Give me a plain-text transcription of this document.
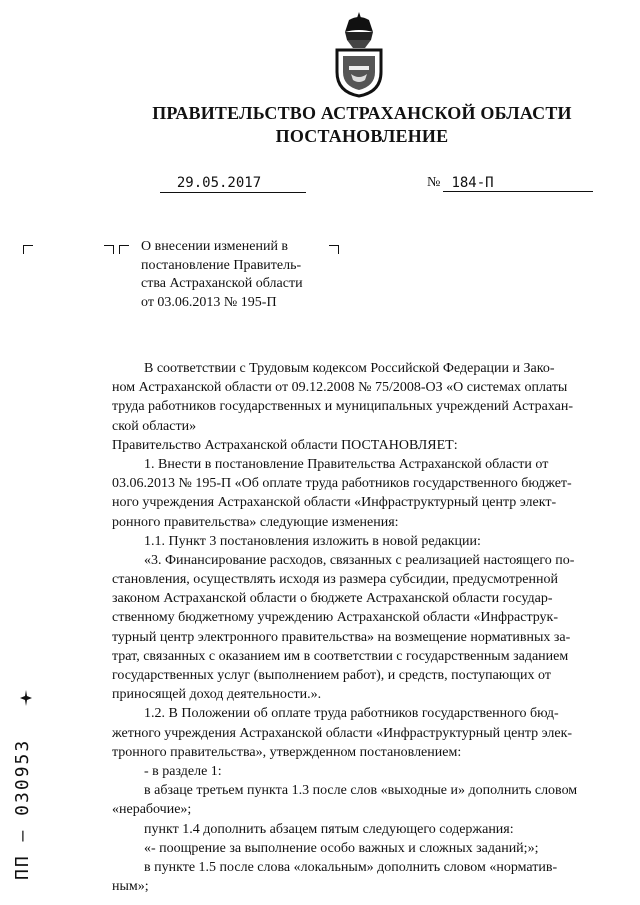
ПРАВИТЕЛЬСТВО АСТРАХАНСКОЙ ОБЛАСТИ
ПОСТАНОВЛЕНИЕ
29.05.2017	№ 184-П
О внесении изменений в
постановление Правитель-
ства Астраханской области
от 03.06.2013 № 195-П
В соответствии с Трудовым кодексом Российской Федерации и Зако-
ном Астраханской области от 09.12.2008 № 75/2008-ОЗ «О системах оплаты
труда работников государственных и муниципальных учреждений Астрахан-
ской области»
Правительство Астраханской области ПОСТАНОВЛЯЕТ:
1. Внести в постановление Правительства Астраханской области от
03.06.2013 № 195-П «Об оплате труда работников государственного бюджет-
ного учреждения Астраханской области «Инфраструктурный центр элект-
ронного правительства» следующие изменения:
1.1. Пункт 3 постановления изложить в новой редакции:
«3. Финансирование расходов, связанных с реализацией настоящего по-
становления, осуществлять исходя из размера субсидии, предусмотренной
законом Астраханской области о бюджете Астраханской области государ-
ственному бюджетному учреждению Астраханской области «Инфраструк-
турный центр электронного правительства» на возмещение нормативных за-
трат, связанных с оказанием им в соответствии с государственным заданием
государственных услуг (выполнением работ), и средств, поступающих от
приносящей доход деятельности.».
1.2. В Положении об оплате труда работников государственного бюд-
жетного учреждения Астраханской области «Инфраструктурный центр элек-
тронного правительства», утвержденном постановлением:
- в разделе 1:
в абзаце третьем пункта 1.3 после слов «выходные и» дополнить словом
«нерабочие»;
пункт 1.4 дополнить абзацем пятым следующего содержания:
«- поощрение за выполнение особо важных и сложных заданий;»;
в пункте 1.5 после слова «локальным» дополнить словом «норматив-
ным»;
ПП – 030953
